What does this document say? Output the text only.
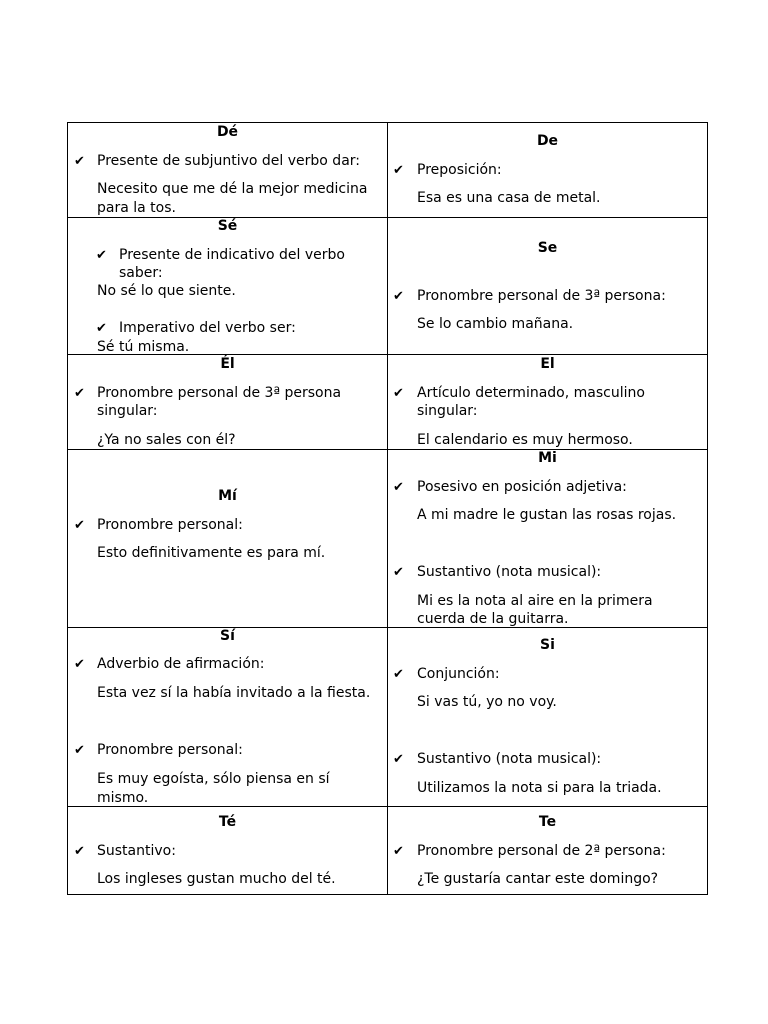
Dé
✔ Presente de subjuntivo del verbo dar:
Necesito que me dé la mejor medicina
para la tos.
De
✔ Preposición:
Esa es una casa de metal.
Sé
✔ Presente de indicativo del verbo
saber:
No sé lo que siente.
✔ Imperativo del verbo ser:
Sé tú misma.
Se
✔ Pronombre personal de 3ª persona:
Se lo cambio mañana.
Él
✔ Pronombre personal de 3ª persona
singular:
¿Ya no sales con él?
El
✔ Artículo determinado, masculino
singular:
El calendario es muy hermoso.
Mí
✔ Pronombre personal:
Esto definitivamente es para mí.
Mi
✔ Posesivo en posición adjetiva:
A mi madre le gustan las rosas rojas.
✔ Sustantivo (nota musical):
Mi es la nota al aire en la primera
cuerda de la guitarra.
Sí
✔ Adverbio de afirmación:
Esta vez sí la había invitado a la fiesta.
✔ Pronombre personal:
Es muy egoísta, sólo piensa en sí
mismo.
Si
✔ Conjunción:
Si vas tú, yo no voy.
✔ Sustantivo (nota musical):
Utilizamos la nota si para la triada.
Té
✔ Sustantivo:
Los ingleses gustan mucho del té.
Te
✔ Pronombre personal de 2ª persona:
¿Te gustaría cantar este domingo?
